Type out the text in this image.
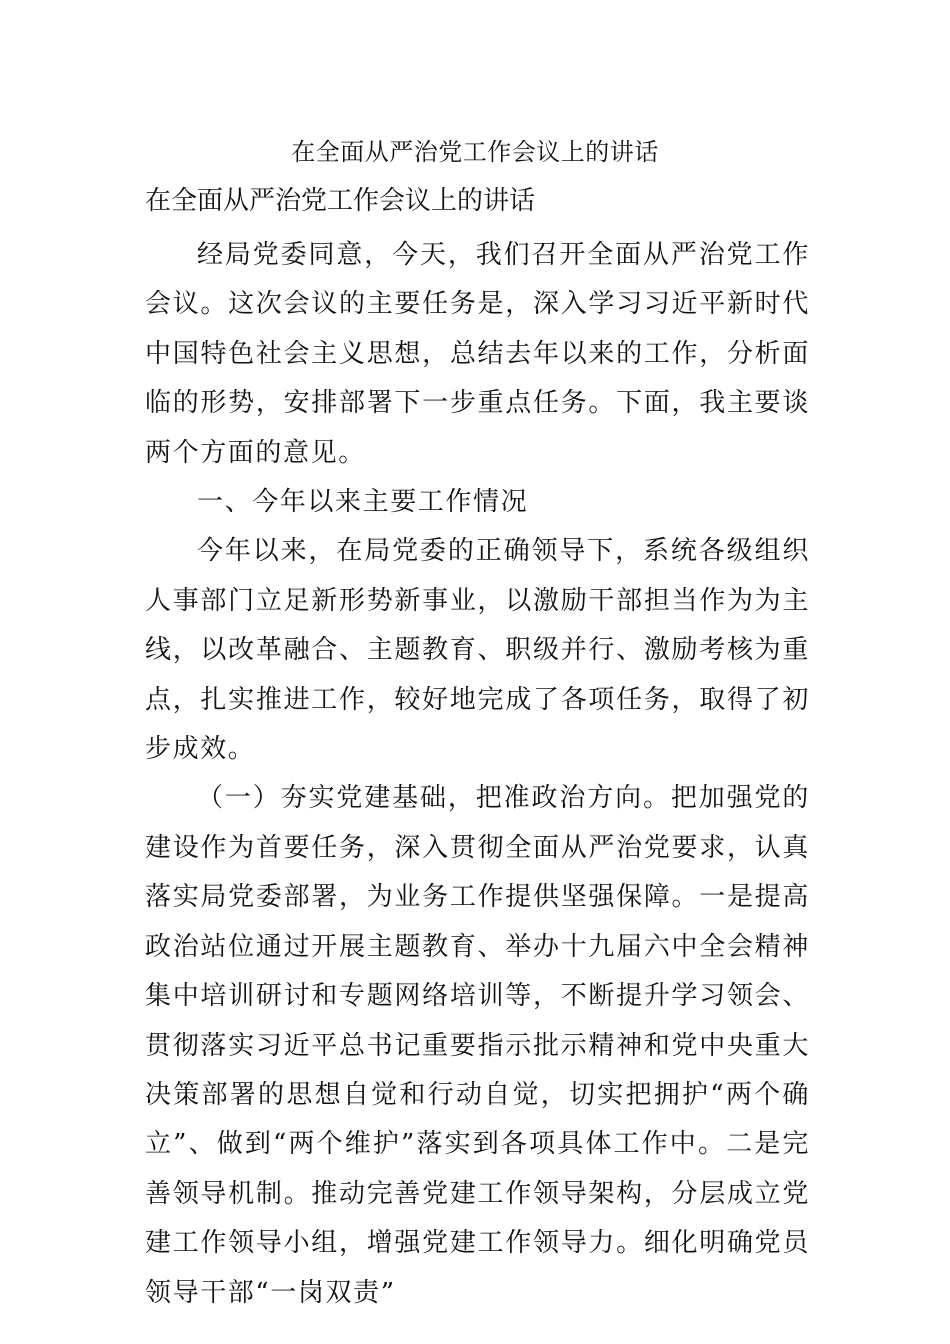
在全面从严治党工作会议上的讲话
在全面从严治党工作会议上的讲话

经局党委同意，今天，我们召开全面从严治党工作会议。这次会议的主要任务是，深入学习习近平新时代中国特色社会主义思想，总结去年以来的工作，分析面临的形势，安排部署下一步重点任务。下面，我主要谈两个方面的意见。

一、今年以来主要工作情况

今年以来，在局党委的正确领导下，系统各级组织人事部门立足新形势新事业，以激励干部担当作为为主线，以改革融合、主题教育、职级并行、激励考核为重点，扎实推进工作，较好地完成了各项任务，取得了初步成效。

（一）夯实党建基础，把准政治方向。把加强党的建设作为首要任务，深入贯彻全面从严治党要求，认真落实局党委部署，为业务工作提供坚强保障。一是提高政治站位通过开展主题教育、举办十九届六中全会精神集中培训研讨和专题网络培训等，不断提升学习领会、贯彻落实习近平总书记重要指示批示精神和党中央重大决策部署的思想自觉和行动自觉，切实把拥护“两个确立”、做到“两个维护”落实到各项具体工作中。二是完善领导机制。推动完善党建工作领导架构，分层成立党建工作领导小组，增强党建工作领导力。细化明确党员领导干部“一岗双责”
